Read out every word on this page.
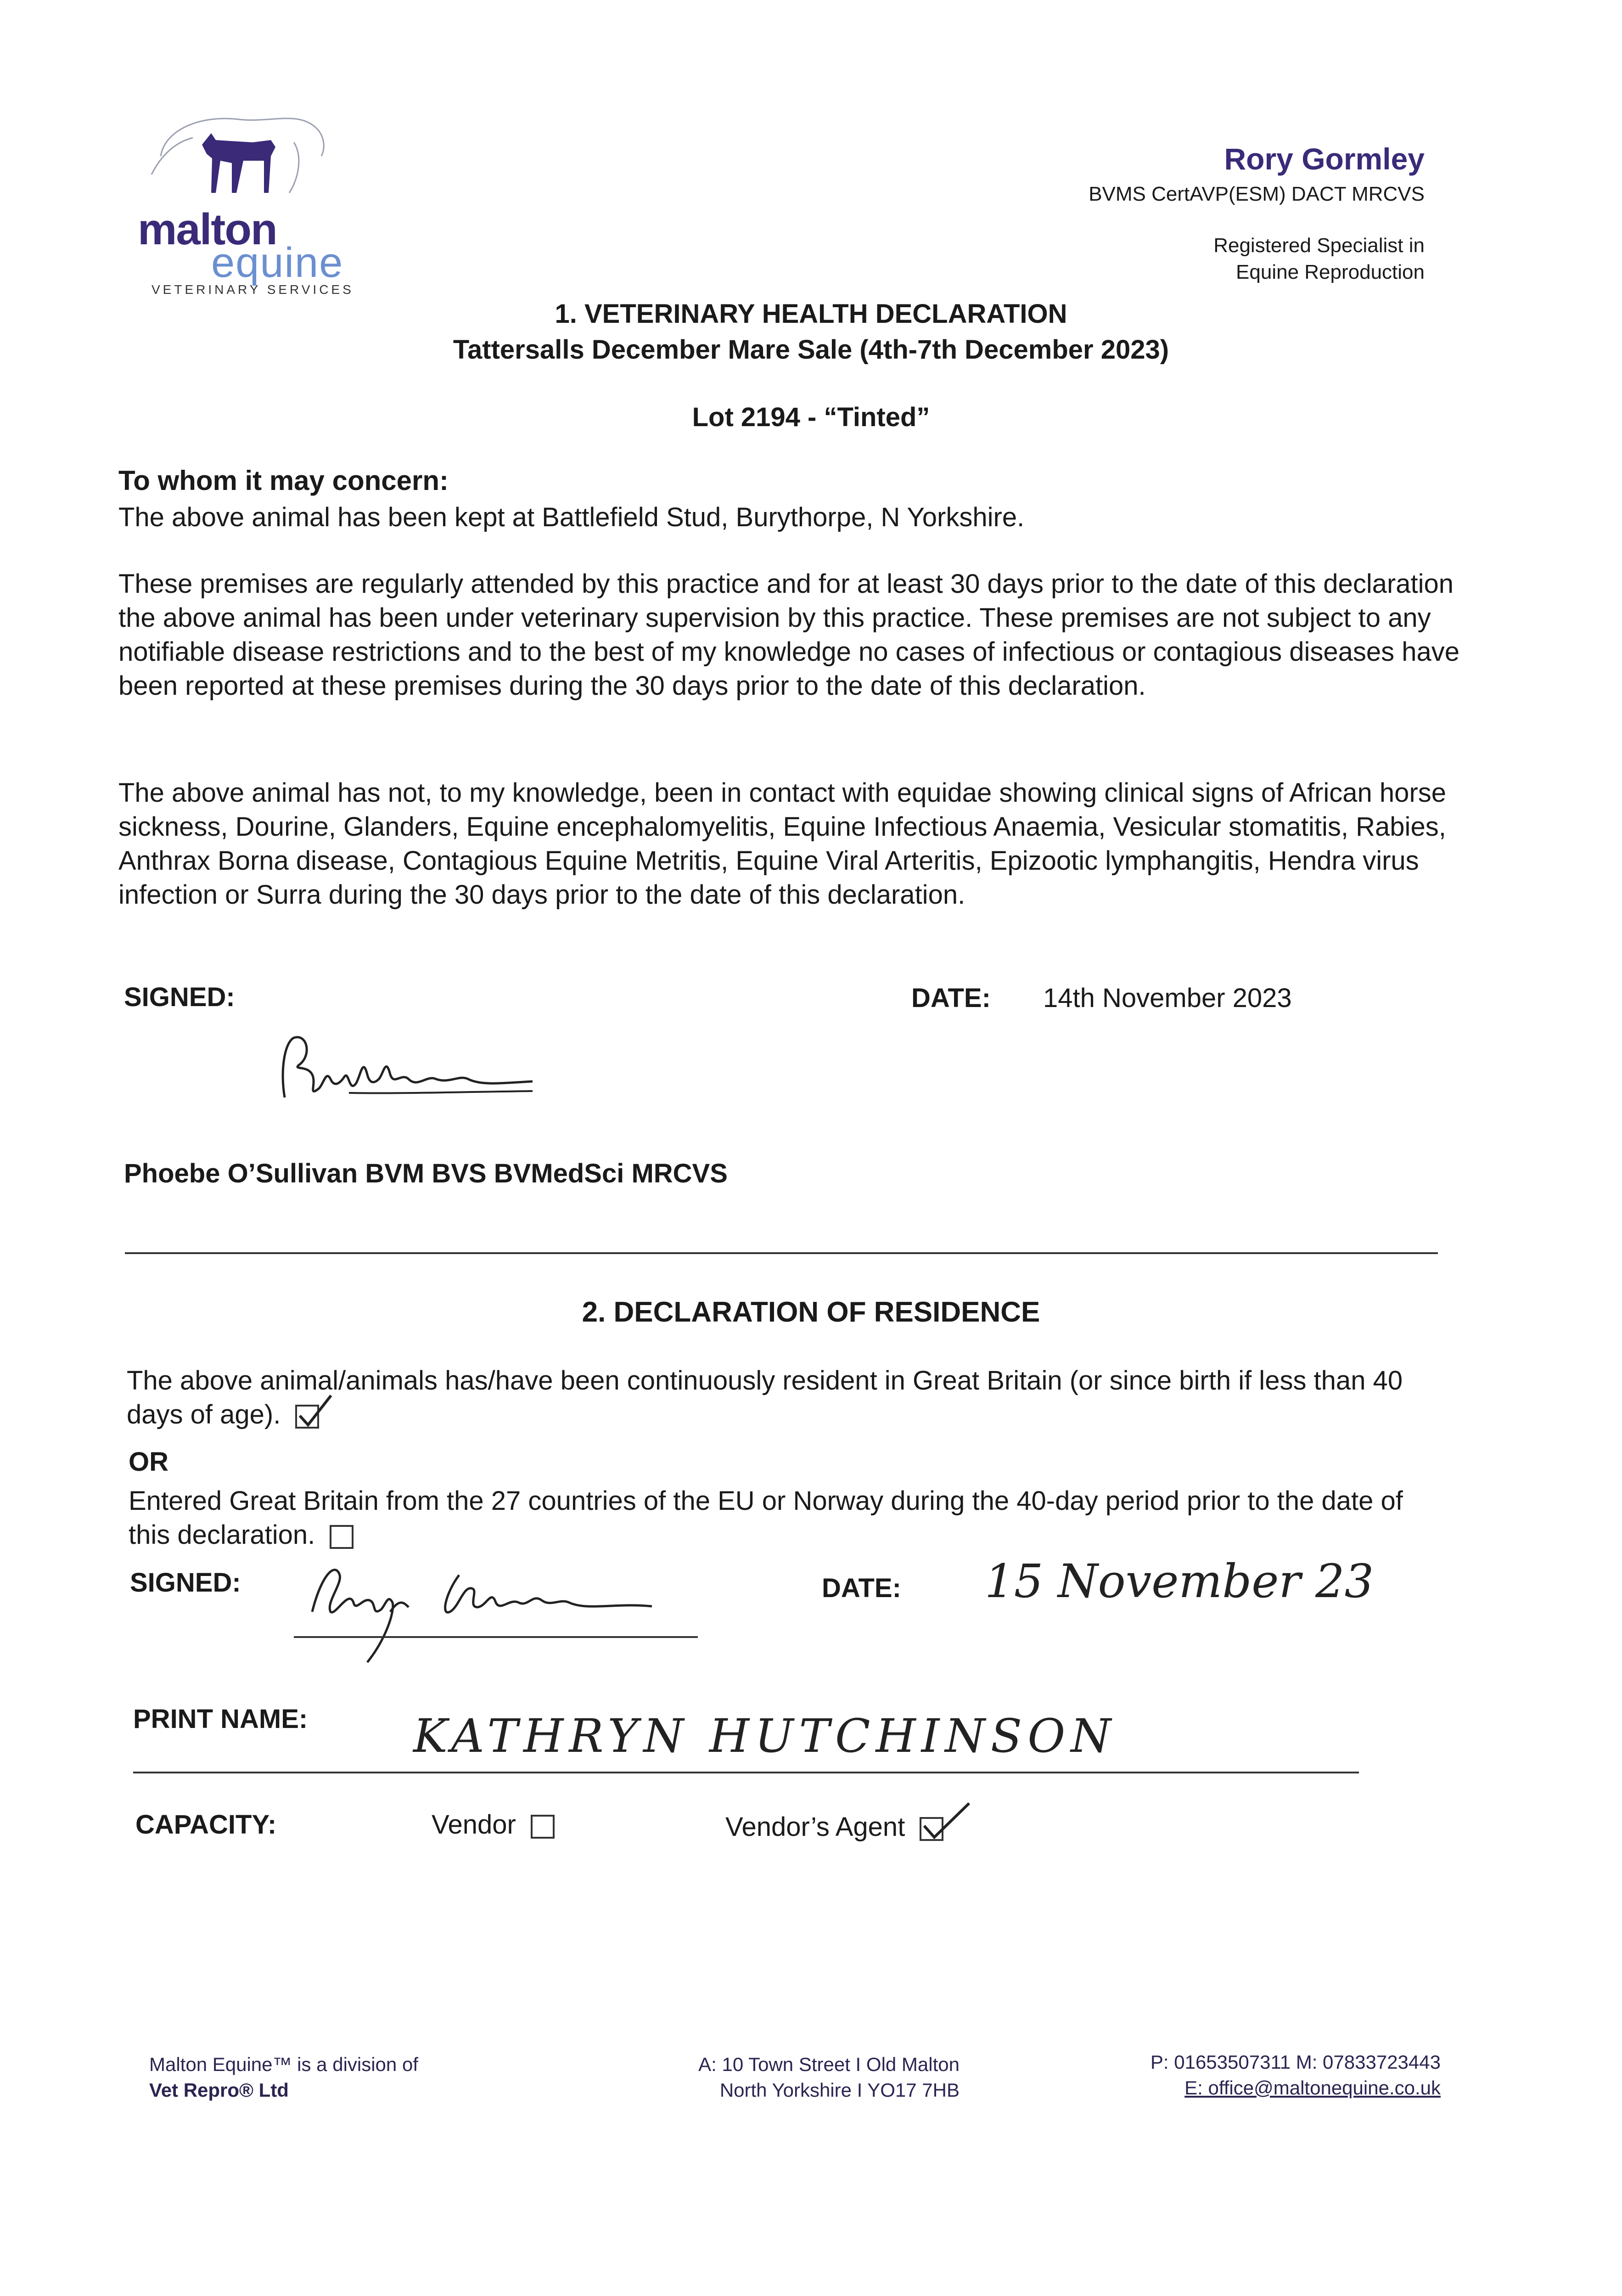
malton
equine
VETERINARY SERVICES
Rory Gormley
BVMS CertAVP(ESM) DACT MRCVS
Registered Specialist in
Equine Reproduction
1. VETERINARY HEALTH DECLARATION
Tattersalls December Mare Sale (4th-7th December 2023)
Lot 2194 - “Tinted”
To whom it may concern:
The above animal has been kept at Battlefield Stud, Burythorpe, N Yorkshire.
These premises are regularly attended by this practice and for at least 30 days prior to the date of this declaration the above animal has been under veterinary supervision by this practice. These premises are not subject to any notifiable disease restrictions and to the best of my knowledge no cases of infectious or contagious diseases have been reported at these premises during the 30 days prior to the date of this declaration.
The above animal has not, to my knowledge, been in contact with equidae showing clinical signs of African horse sickness, Dourine, Glanders, Equine encephalomyelitis, Equine Infectious Anaemia, Vesicular stomatitis, Rabies, Anthrax Borna disease, Contagious Equine Metritis, Equine Viral Arteritis, Epizootic lymphangitis, Hendra virus infection or Surra during the 30 days prior to the date of this declaration.
SIGNED:	DATE: 14th November 2023
Phoebe O’Sullivan BVM BVS BVMedSci MRCVS
2. DECLARATION OF RESIDENCE
The above animal/animals has/have been continuously resident in Great Britain (or since birth if less than 40 days of age).
OR
Entered Great Britain from the 27 countries of the EU or Norway during the 40-day period prior to the date of this declaration.
SIGNED:	DATE: 15 November 23
PRINT NAME: KATHRYN HUTCHINSON
CAPACITY:	Vendor	Vendor’s Agent
Malton Equine™ is a division of
Vet Repro® Ltd
A: 10 Town Street I Old Malton
North Yorkshire I YO17 7HB
P: 01653507311 M: 07833723443
E: office@maltonequine.co.uk
